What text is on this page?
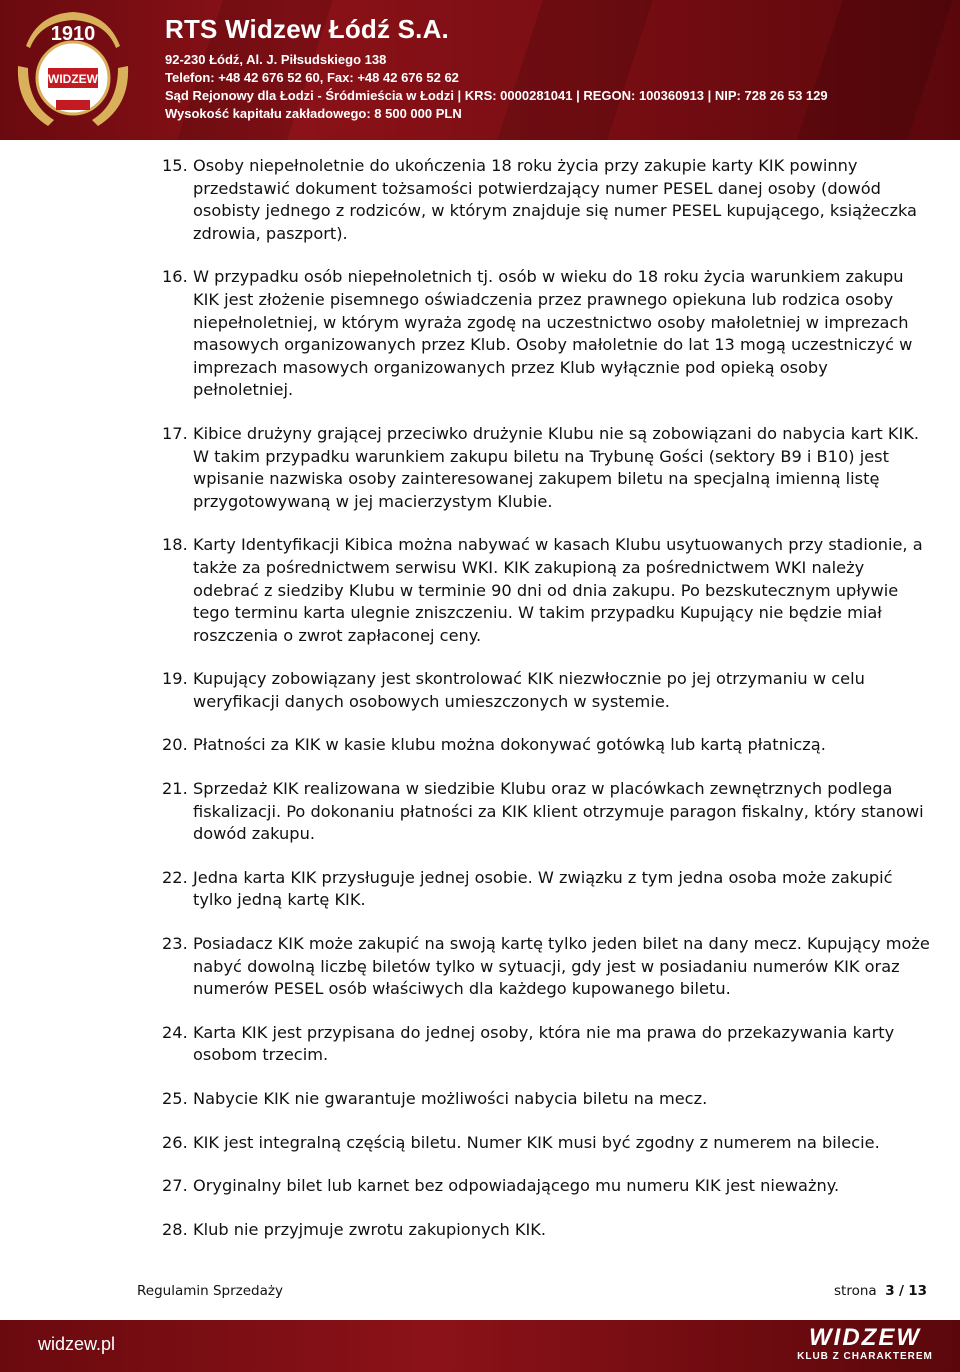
1910
WIDZEW
RTS Widzew Łódź S.A.
92-230 Łódź, Al. J. Piłsudskiego 138
Telefon: +48 42 676 52 60, Fax: +48 42 676 52 62
Sąd Rejonowy dla Łodzi - Śródmieścia w Łodzi | KRS: 0000281041 | REGON: 100360913 | NIP: 728 26 53 129
Wysokość kapitału zakładowego: 8 500 000 PLN
15. Osoby niepełnoletnie do ukończenia 18 roku życia przy zakupie karty KIK powinny przedstawić dokument tożsamości potwierdzający numer PESEL danej osoby (dowód osobisty jednego z rodziców, w którym znajduje się numer PESEL kupującego, książeczka zdrowia, paszport).
16. W przypadku osób niepełnoletnich tj. osób w wieku do 18 roku życia warunkiem zakupu KIK jest złożenie pisemnego oświadczenia przez prawnego opiekuna lub rodzica osoby niepełnoletniej, w którym wyraża zgodę na uczestnictwo osoby małoletniej w imprezach masowych organizowanych przez Klub. Osoby małoletnie do lat 13 mogą uczestniczyć w imprezach masowych organizowanych przez Klub wyłącznie pod opieką osoby pełnoletniej.
17. Kibice drużyny grającej przeciwko drużynie Klubu nie są zobowiązani do nabycia kart KIK. W takim przypadku warunkiem zakupu biletu na Trybunę Gości (sektory B9 i B10) jest wpisanie nazwiska osoby zainteresowanej zakupem biletu na specjalną imienną listę przygotowywaną w jej macierzystym Klubie.
18. Karty Identyfikacji Kibica można nabywać w kasach Klubu usytuowanych przy stadionie, a także za pośrednictwem serwisu WKI. KIK zakupioną za pośrednictwem WKI należy odebrać z siedziby Klubu w terminie 90 dni od dnia zakupu. Po bezskutecznym upływie tego terminu karta ulegnie zniszczeniu. W takim przypadku Kupujący nie będzie miał roszczenia o zwrot zapłaconej ceny.
19. Kupujący zobowiązany jest skontrolować KIK niezwłocznie po jej otrzymaniu w celu weryfikacji danych osobowych umieszczonych w systemie.
20. Płatności za KIK w kasie klubu można dokonywać gotówką lub kartą płatniczą.
21. Sprzedaż KIK realizowana w siedzibie Klubu oraz w placówkach zewnętrznych podlega fiskalizacji. Po dokonaniu płatności za KIK klient otrzymuje paragon fiskalny, który stanowi dowód zakupu.
22. Jedna karta KIK przysługuje jednej osobie. W związku z tym jedna osoba może zakupić tylko jedną kartę KIK.
23. Posiadacz KIK może zakupić na swoją kartę tylko jeden bilet na dany mecz. Kupujący może nabyć dowolną liczbę biletów tylko w sytuacji, gdy jest w posiadaniu numerów KIK oraz numerów PESEL osób właściwych dla każdego kupowanego biletu.
24. Karta KIK jest przypisana do jednej osoby, która nie ma prawa do przekazywania karty osobom trzecim.
25. Nabycie KIK nie gwarantuje możliwości nabycia biletu na mecz.
26. KIK jest integralną częścią biletu. Numer KIK musi być zgodny z numerem na bilecie.
27. Oryginalny bilet lub karnet bez odpowiadającego mu numeru KIK jest nieważny.
28. Klub nie przyjmuje zwrotu zakupionych KIK.
Regulamin Sprzedaży	strona 3 / 13
widzew.pl	WIDZEW
KLUB Z CHARAKTEREM
